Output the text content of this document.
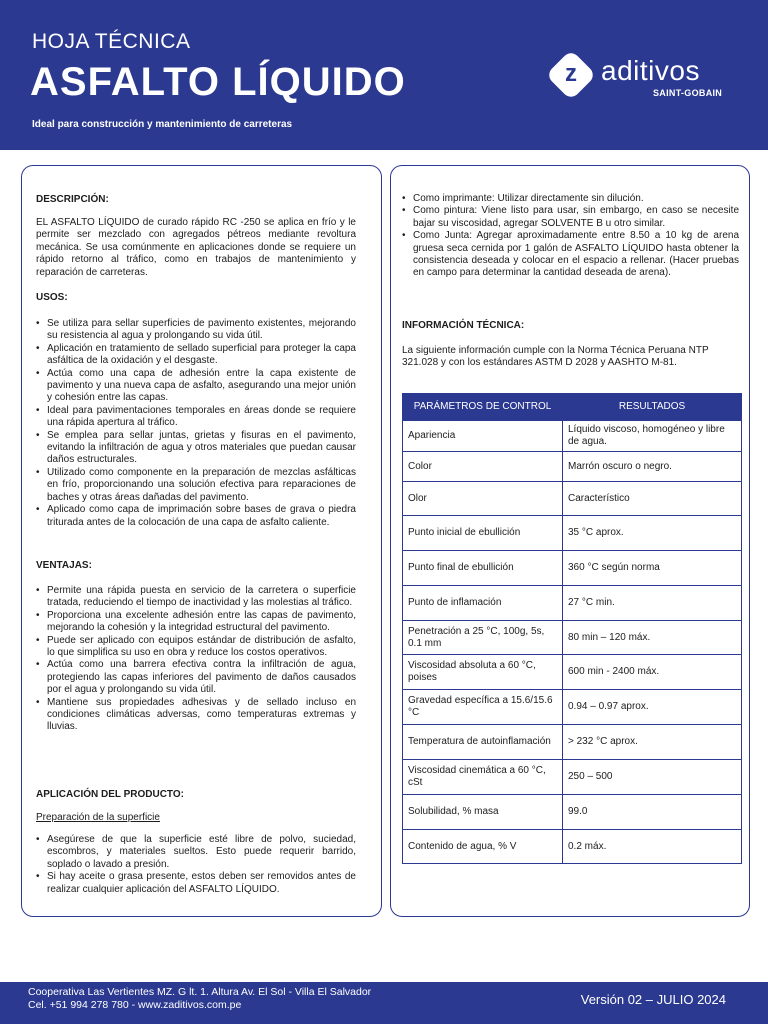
HOJA TÉCNICA
ASFALTO LÍQUIDO
Ideal para construcción y mantenimiento de carreteras
z aditivos
SAINT-GOBAIN
DESCRIPCIÓN:

EL ASFALTO LÍQUIDO de curado rápido RC -250 se aplica en frío y le permite ser mezclado con agregados pétreos mediante revoltura mecánica. Se usa comúnmente en aplicaciones donde se requiere un rápido retorno al tráfico, como en trabajos de mantenimiento y reparación de carreteras.

USOS:
• Se utiliza para sellar superficies de pavimento existentes, mejorando su resistencia al agua y prolongando su vida útil.
• Aplicación en tratamiento de sellado superficial para proteger la capa asfáltica de la oxidación y el desgaste.
• Actúa como una capa de adhesión entre la capa existente de pavimento y una nueva capa de asfalto, asegurando una mejor unión y cohesión entre las capas.
• Ideal para pavimentaciones temporales en áreas donde se requiere una rápida apertura al tráfico.
• Se emplea para sellar juntas, grietas y fisuras en el pavimento, evitando la infiltración de agua y otros materiales que puedan causar daños estructurales.
• Utilizado como componente en la preparación de mezclas asfálticas en frío, proporcionando una solución efectiva para reparaciones de baches y otras áreas dañadas del pavimento.
• Aplicado como capa de imprimación sobre bases de grava o piedra triturada antes de la colocación de una capa de asfalto caliente.
VENTAJAS:
• Permite una rápida puesta en servicio de la carretera o superficie tratada, reduciendo el tiempo de inactividad y las molestias al tráfico.
• Proporciona una excelente adhesión entre las capas de pavimento, mejorando la cohesión y la integridad estructural del pavimento.
• Puede ser aplicado con equipos estándar de distribución de asfalto, lo que simplifica su uso en obra y reduce los costos operativos.
• Actúa como una barrera efectiva contra la infiltración de agua, protegiendo las capas inferiores del pavimento de daños causados por el agua y prolongando su vida útil.
• Mantiene sus propiedades adhesivas y de sellado incluso en condiciones climáticas adversas, como temperaturas extremas y lluvias.
APLICACIÓN DEL PRODUCTO:
Preparación de la superficie
• Asegúrese de que la superficie esté libre de polvo, suciedad, escombros, y materiales sueltos. Esto puede requerir barrido, soplado o lavado a presión.
• Si hay aceite o grasa presente, estos deben ser removidos antes de realizar cualquier aplicación del ASFALTO LÍQUIDO.
• Como imprimante: Utilizar directamente sin dilución.
• Como pintura: Viene listo para usar, sin embargo, en caso se necesite bajar su viscosidad, agregar SOLVENTE B u otro similar.
• Como Junta: Agregar aproximadamente entre 8.50 a 10 kg de arena gruesa seca cernida por 1 galón de ASFALTO LÍQUIDO hasta obtener la consistencia deseada y colocar en el espacio a rellenar. (Hacer pruebas en campo para determinar la cantidad deseada de arena).
INFORMACIÓN TÉCNICA:

La siguiente información cumple con la Norma Técnica Peruana NTP 321.028 y con los estándares ASTM D 2028 y AASHTO M-81.

PARÁMETROS DE CONTROL	RESULTADOS
Apariencia	Líquido viscoso, homogéneo y libre de agua.
Color	Marrón oscuro o negro.
Olor	Característico
Punto inicial de ebullición	35 °C aprox.
Punto final de ebullición	360 °C según norma
Punto de inflamación	27 °C min.
Penetración a 25 °C, 100g, 5s, 0.1 mm	80 min – 120 máx.
Viscosidad absoluta a 60 °C, poises	600 min - 2400 máx.
Gravedad específica a 15.6/15.6 °C	0.94 – 0.97 aprox.
Temperatura de autoinflamación	> 232 °C aprox.
Viscosidad cinemática a 60 °C, cSt	250 – 500
Solubilidad, % masa	99.0
Contenido de agua, % V	0.2 máx.
Cooperativa Las Vertientes MZ. G lt. 1. Altura Av. El Sol - Villa El Salvador
Cel. +51 994 278 780 - www.zaditivos.com.pe	Versión 02 – JULIO 2024
